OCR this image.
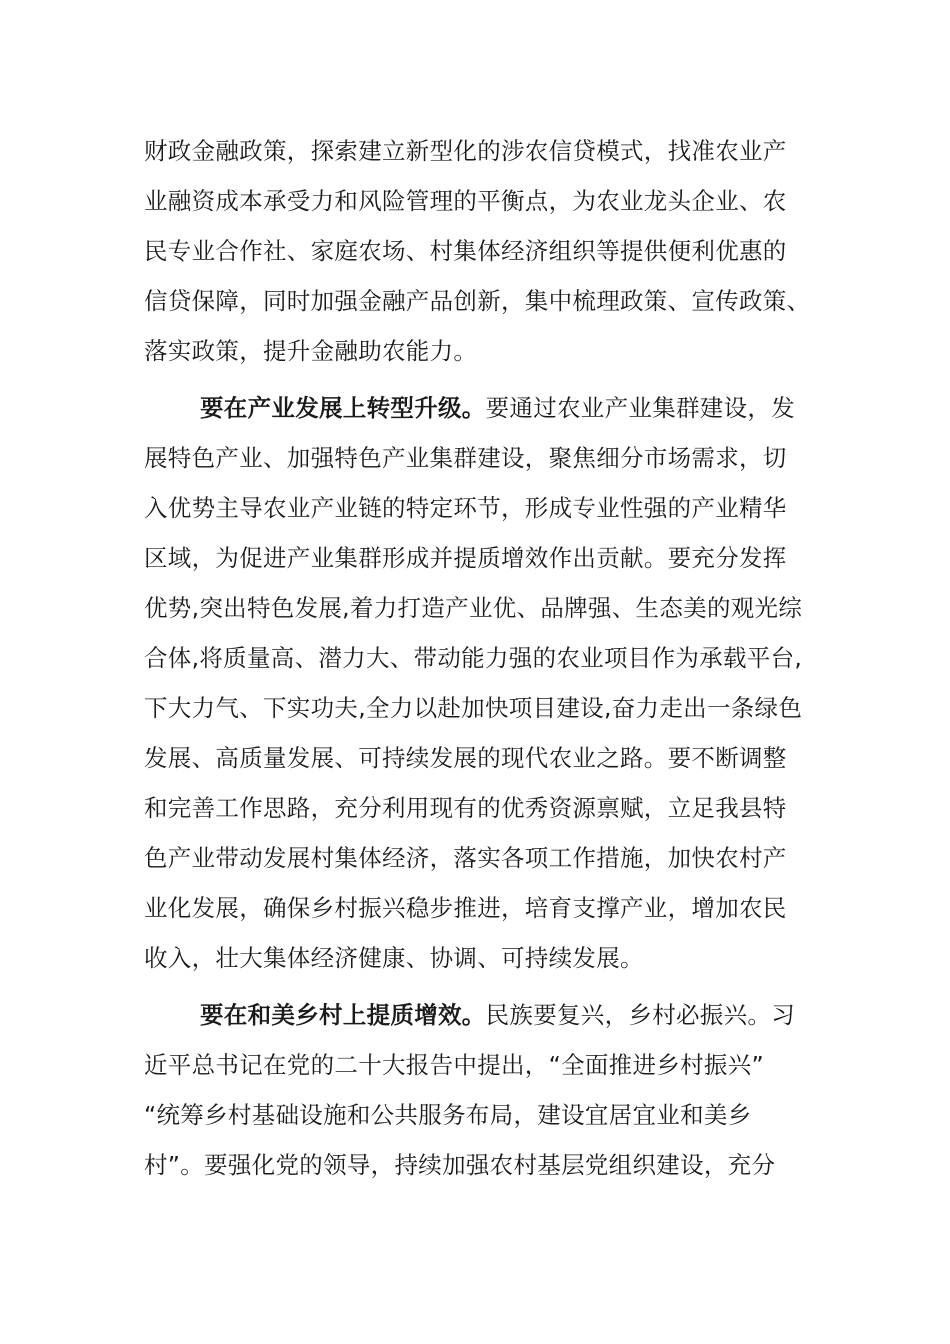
财政金融政策，探索建立新型化的涉农信贷模式，找准农业产
业融资成本承受力和风险管理的平衡点，为农业龙头企业、农
民专业合作社、家庭农场、村集体经济组织等提供便利优惠的
信贷保障，同时加强金融产品创新，集中梳理政策、宣传政策、
落实政策，提升金融助农能力。
要在产业发展上转型升级。要通过农业产业集群建设，发
展特色产业、加强特色产业集群建设，聚焦细分市场需求，切
入优势主导农业产业链的特定环节，形成专业性强的产业精华
区域，为促进产业集群形成并提质增效作出贡献。要充分发挥
优势,突出特色发展,着力打造产业优、品牌强、生态美的观光综
合体,将质量高、潜力大、带动能力强的农业项目作为承载平台,
下大力气、下实功夫,全力以赴加快项目建设,奋力走出一条绿色
发展、高质量发展、可持续发展的现代农业之路。要不断调整
和完善工作思路，充分利用现有的优秀资源禀赋，立足我县特
色产业带动发展村集体经济，落实各项工作措施，加快农村产
业化发展，确保乡村振兴稳步推进，培育支撑产业，增加农民
收入，壮大集体经济健康、协调、可持续发展。
要在和美乡村上提质增效。民族要复兴，乡村必振兴。习
近平总书记在党的二十大报告中提出，“全面推进乡村振兴”
“统筹乡村基础设施和公共服务布局，建设宜居宜业和美乡
村”。要强化党的领导，持续加强农村基层党组织建设，充分
